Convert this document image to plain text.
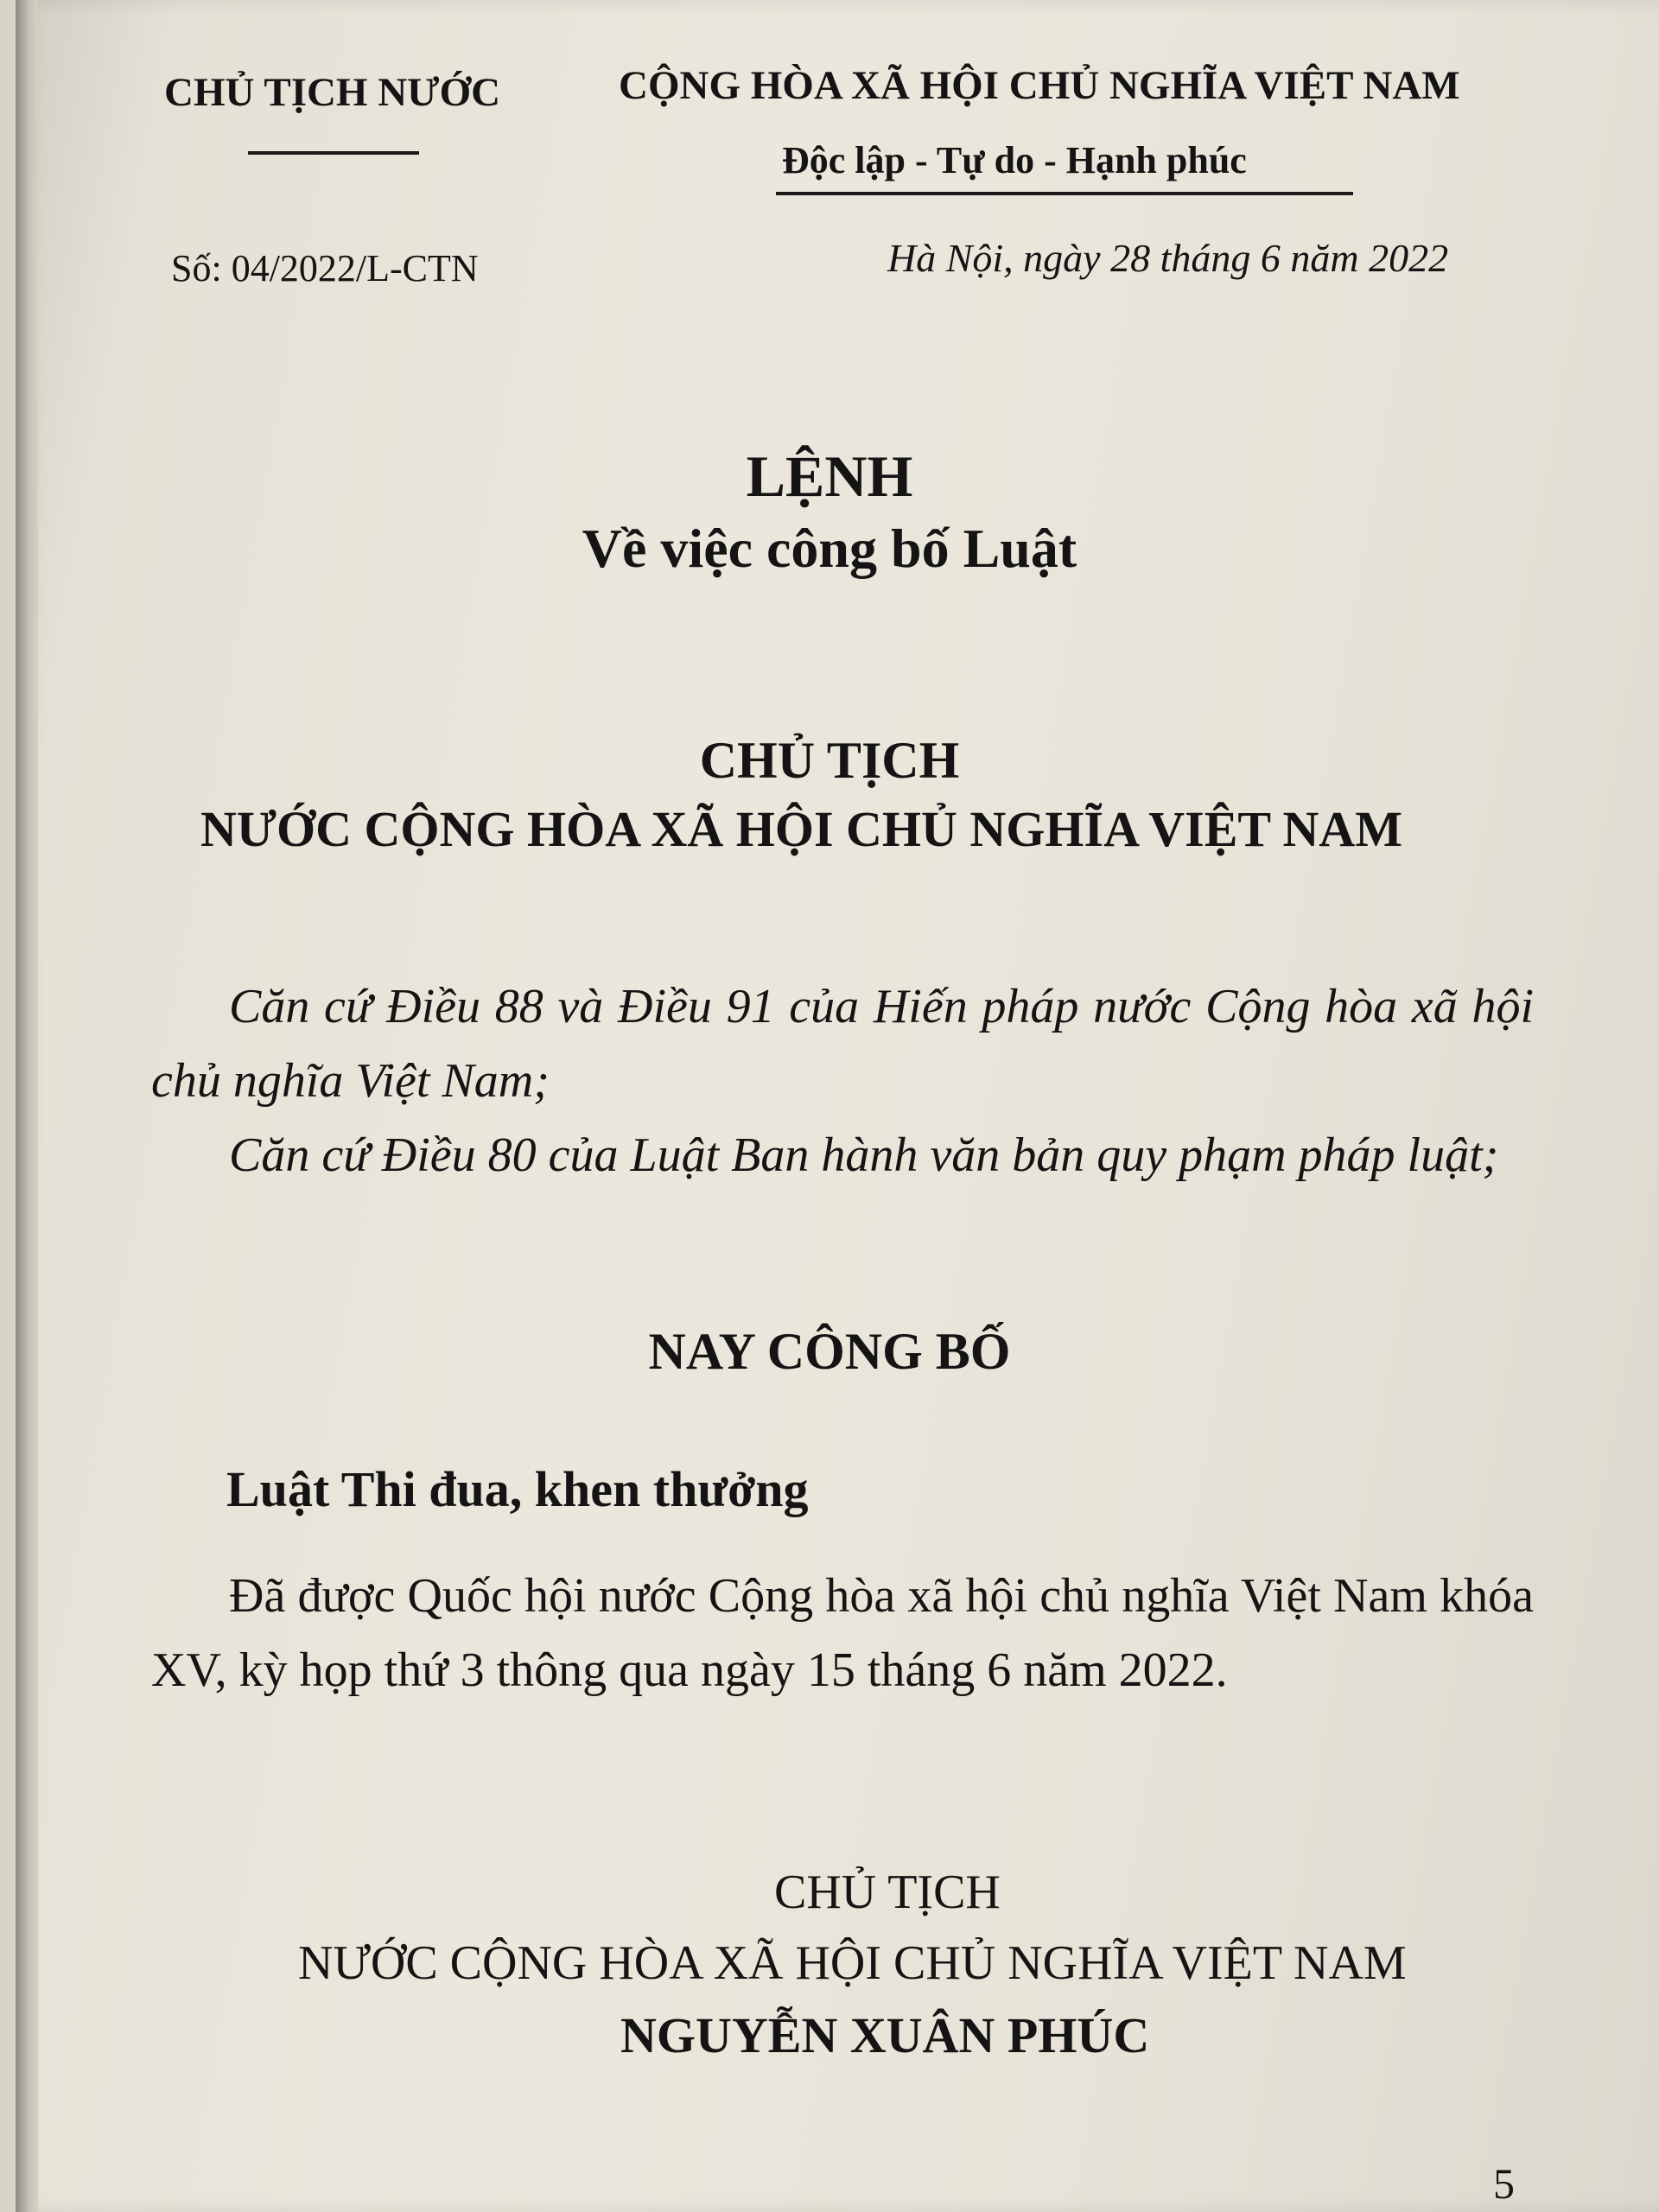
CHỦ TỊCH NƯỚC	CỘNG HÒA XÃ HỘI CHỦ NGHĨA VIỆT NAM
Độc lập - Tự do - Hạnh phúc
Số: 04/2022/L-CTN	Hà Nội, ngày 28 tháng 6 năm 2022
LỆNH
Về việc công bố Luật
CHỦ TỊCH
NƯỚC CỘNG HÒA XÃ HỘI CHỦ NGHĨA VIỆT NAM

Căn cứ Điều 88 và Điều 91 của Hiến pháp nước Cộng hòa xã hội chủ nghĩa Việt Nam;

Căn cứ Điều 80 của Luật Ban hành văn bản quy phạm pháp luật;

NAY CÔNG BỐ
Luật Thi đua, khen thưởng

Đã được Quốc hội nước Cộng hòa xã hội chủ nghĩa Việt Nam khóa XV, kỳ họp thứ 3 thông qua ngày 15 tháng 6 năm 2022.

CHỦ TỊCH
NƯỚC CỘNG HÒA XÃ HỘI CHỦ NGHĨA VIỆT NAM
NGUYỄN XUÂN PHÚC
5
